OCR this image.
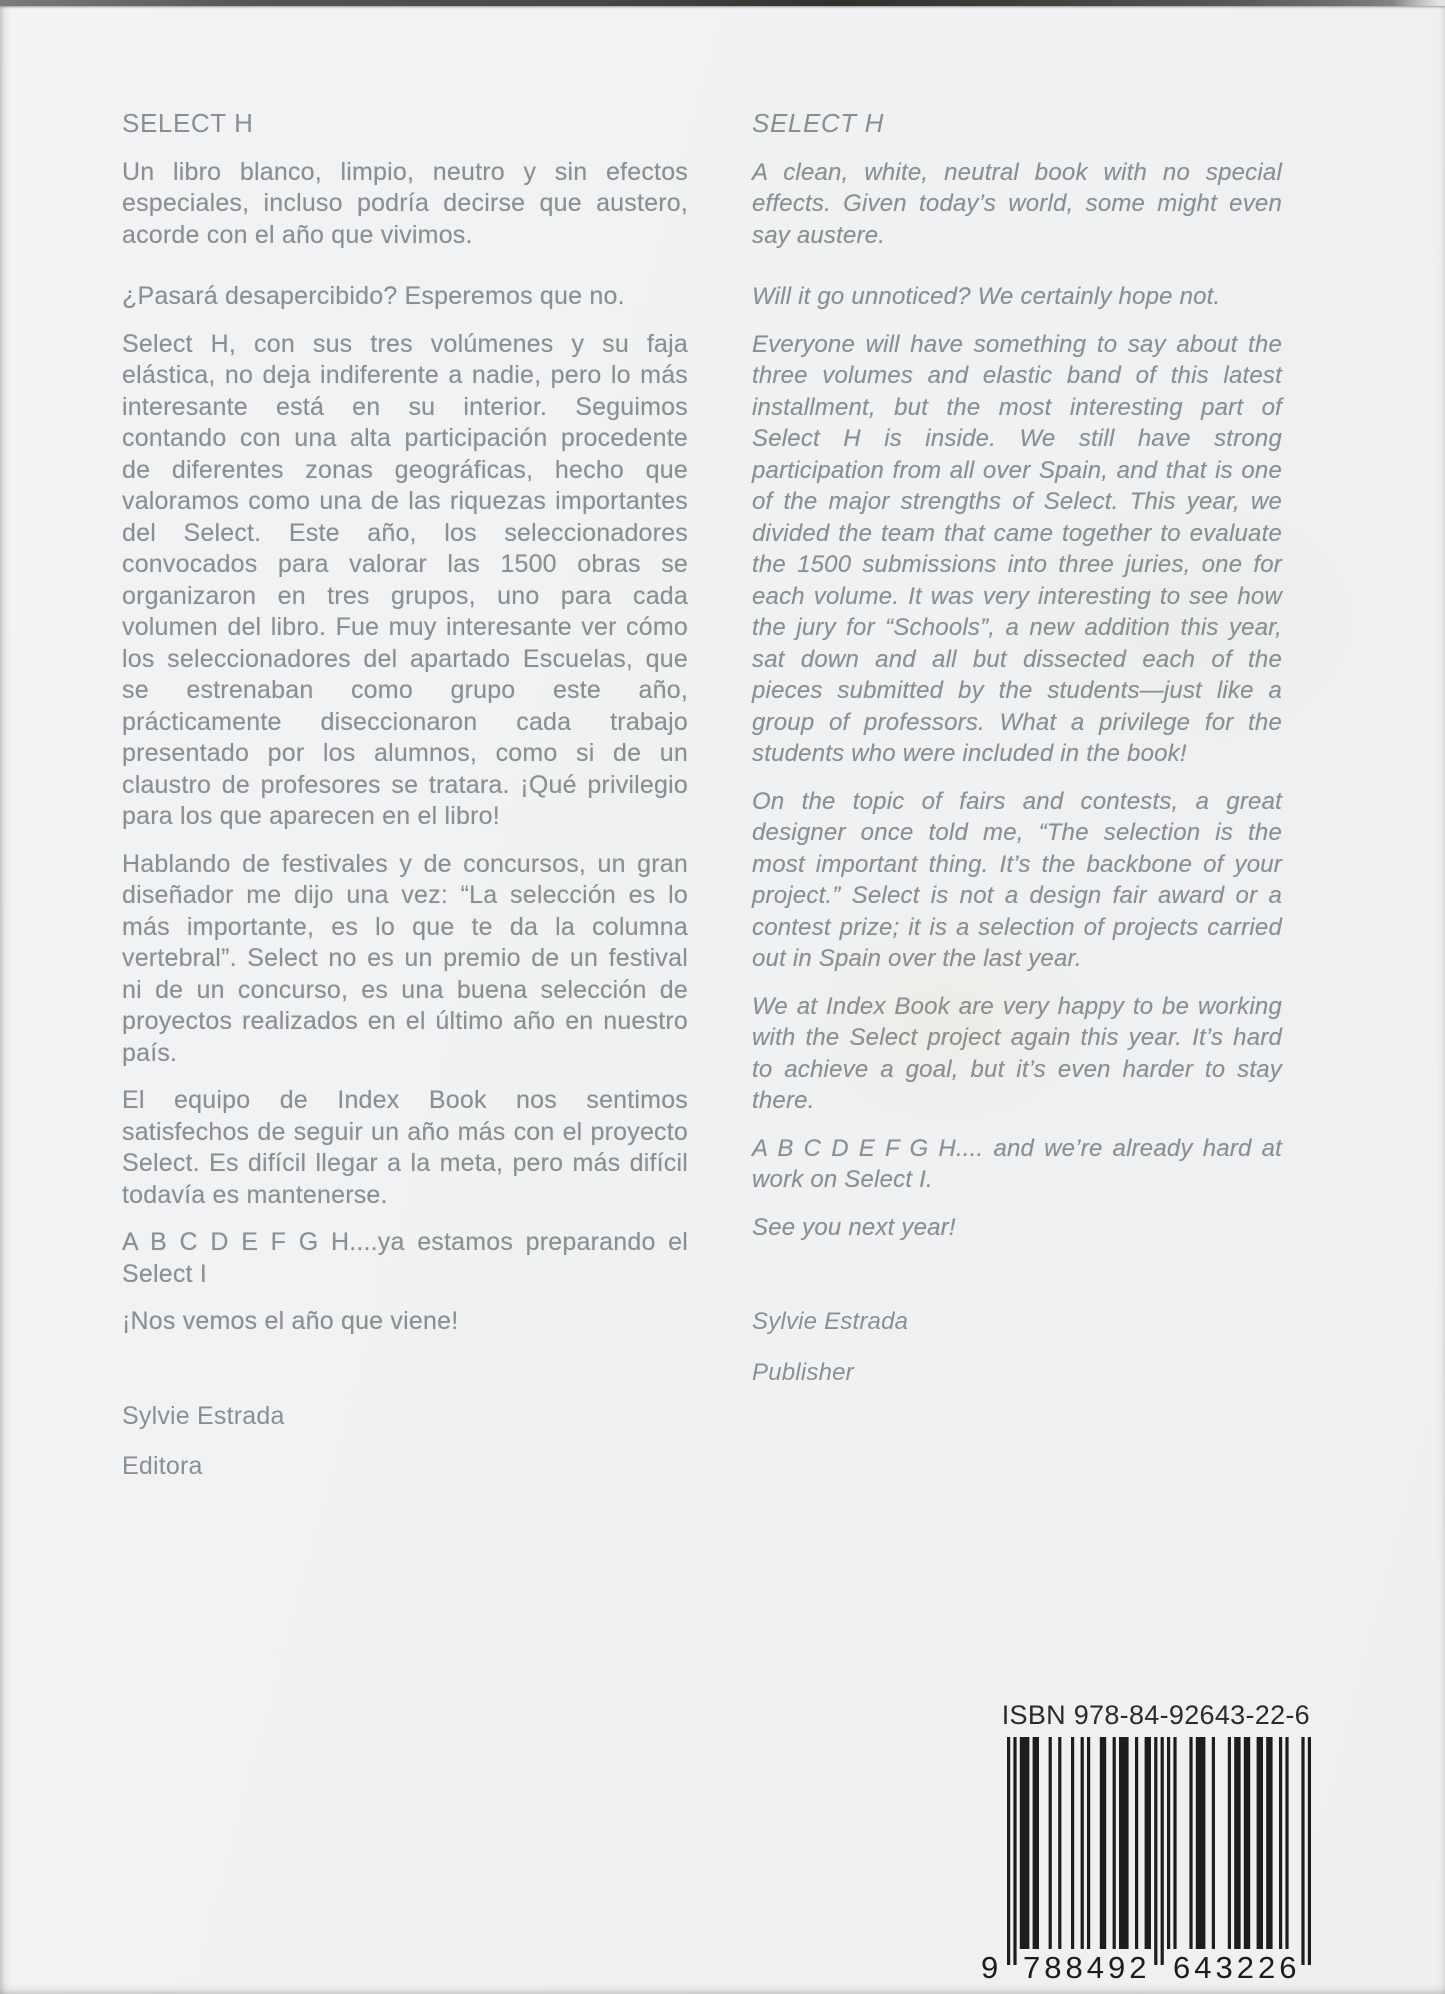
SELECT H

Un libro blanco, limpio, neutro y sin efectos especiales, incluso podría decirse que austero, acorde con el año que vivimos.

¿Pasará desapercibido? Esperemos que no.

Select H, con sus tres volúmenes y su faja elástica, no deja indiferente a nadie, pero lo más interesante está en su interior. Seguimos contando con una alta participación procedente de diferentes zonas geográficas, hecho que valoramos como una de las riquezas importantes del Select. Este año, los seleccionadores convocados para valorar las 1500 obras se organizaron en tres grupos, uno para cada volumen del libro. Fue muy interesante ver cómo los seleccionadores del apartado Escuelas, que se estrenaban como grupo este año, prácticamente diseccionaron cada trabajo presentado por los alumnos, como si de un claustro de profesores se tratara. ¡Qué privilegio para los que aparecen en el libro!

Hablando de festivales y de concursos, un gran diseñador me dijo una vez: “La selección es lo más importante, es lo que te da la columna vertebral”. Select no es un premio de un festival ni de un concurso, es una buena selección de proyectos realizados en el último año en nuestro país.

El equipo de Index Book nos sentimos satisfechos de seguir un año más con el proyecto Select. Es difícil llegar a la meta, pero más difícil todavía es mantenerse.

A B C D E F G H....ya estamos preparando el Select I

¡Nos vemos el año que viene!

Sylvie Estrada
Editora
SELECT H

A clean, white, neutral book with no special effects. Given today’s world, some might even say austere.

Will it go unnoticed? We certainly hope not.

Everyone will have something to say about the three volumes and elastic band of this latest installment, but the most interesting part of Select H is inside. We still have strong participation from all over Spain, and that is one of the major strengths of Select. This year, we divided the team that came together to evaluate the 1500 submissions into three juries, one for each volume. It was very interesting to see how the jury for “Schools”, a new addition this year, sat down and all but dissected each of the pieces submitted by the students—just like a group of professors. What a privilege for the students who were included in the book!

On the topic of fairs and contests, a great designer once told me, “The selection is the most important thing. It’s the backbone of your project.” Select is not a design fair award or a contest prize; it is a selection of projects carried out in Spain over the last year.

We at Index Book are very happy to be working with the Select project again this year. It’s hard to achieve a goal, but it’s even harder to stay there.

A B C D E F G H.... and we’re already hard at work on Select I.

See you next year!

Sylvie Estrada
Publisher
ISBN 978-84-92643-22-6
9 788492 643226
